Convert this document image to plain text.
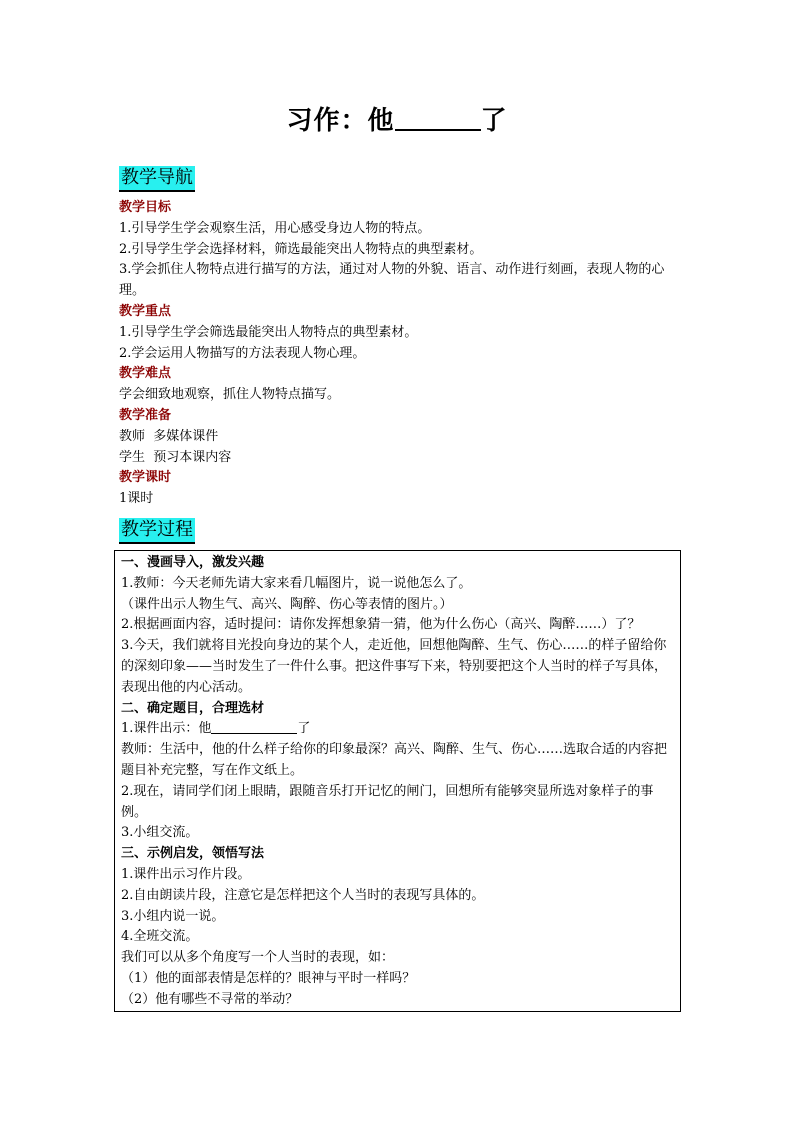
习作：他	了
教学导航
教学目标
1.引导学生学会观察生活，用心感受身边人物的特点。
2.引导学生学会选择材料，筛选最能突出人物特点的典型素材。
3.学会抓住人物特点进行描写的方法，通过对人物的外貌、语言、动作进行刻画，表现人物的心理。
教学重点
1.引导学生学会筛选最能突出人物特点的典型素材。
2.学会运用人物描写的方法表现人物心理。
教学难点
学会细致地观察，抓住人物特点描写。
教学准备
教师  多媒体课件
学生  预习本课内容
教学课时
1课时
教学过程
一、漫画导入，激发兴趣
1.教师：今天老师先请大家来看几幅图片，说一说他怎么了。
（课件出示人物生气、高兴、陶醉、伤心等表情的图片。）
2.根据画面内容，适时提问：请你发挥想象猜一猜，他为什么伤心（高兴、陶醉……）了？
3.今天，我们就将目光投向身边的某个人，走近他，回想他陶醉、生气、伤心……的样子留给你的深刻印象——当时发生了一件什么事。把这件事写下来，特别要把这个人当时的样子写具体，表现出他的内心活动。
二、确定题目，合理选材
1.课件出示：他	了
教师：生活中，他的什么样子给你的印象最深？高兴、陶醉、生气、伤心……选取合适的内容把题目补充完整，写在作文纸上。
2.现在，请同学们闭上眼睛，跟随音乐打开记忆的闸门，回想所有能够突显所选对象样子的事例。
3.小组交流。
三、示例启发，领悟写法
1.课件出示习作片段。
2.自由朗读片段，注意它是怎样把这个人当时的表现写具体的。
3.小组内说一说。
4.全班交流。
我们可以从多个角度写一个人当时的表现，如：
（1）他的面部表情是怎样的？眼神与平时一样吗？
（2）他有哪些不寻常的举动？
